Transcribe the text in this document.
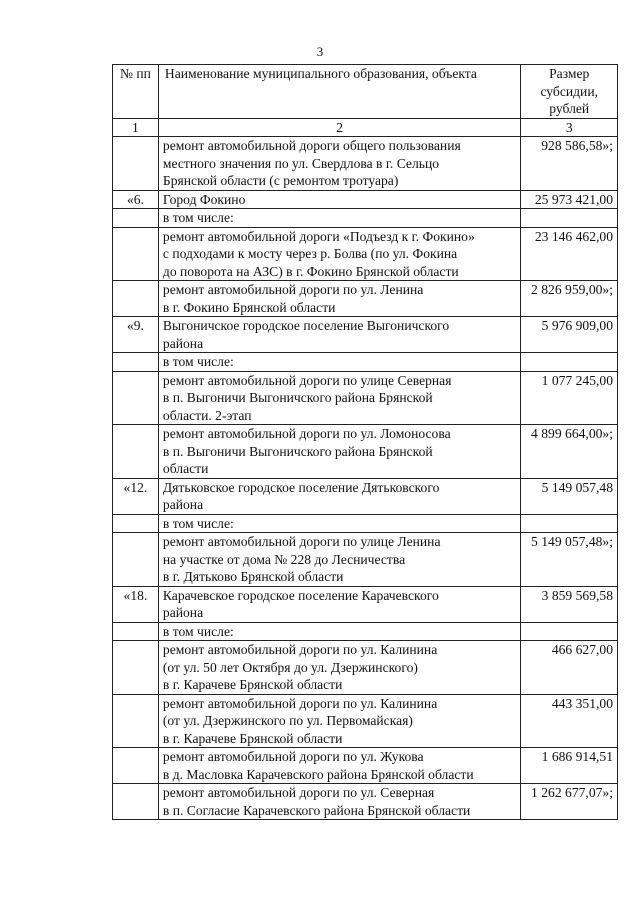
3
№ пп	Наименование муниципального образования, объекта	Размер
субсидии,
рублей

1	2	3

	ремонт автомобильной дороги общего пользования
местного значения по ул. Свердлова в г. Сельцо
Брянской области (с ремонтом тротуара)	928 586,58»;
«6.	Город Фокино	25 973 421,00

	в том числе:	

	ремонт автомобильной дороги «Подъезд к г. Фокино»
с подходами к мосту через р. Болва (по ул. Фокина
до поворота на АЗС) в г. Фокино Брянской области	23 146 462,00

	ремонт автомобильной дороги по ул. Ленина
в г. Фокино Брянской области	2 826 959,00»;
«9.	Выгоничское городское поселение Выгоничского
района	5 976 909,00

	в том числе:	

	ремонт автомобильной дороги по улице Северная
в п. Выгоничи Выгоничского района Брянской
области. 2-этап	1 077 245,00

	ремонт автомобильной дороги по ул. Ломоносова
в п. Выгоничи Выгоничского района Брянской
области	4 899 664,00»;
«12.	Дятьковское городское поселение Дятьковского
района	5 149 057,48

	в том числе:	

	ремонт автомобильной дороги по улице Ленина
на участке от дома № 228 до Лесничества
в г. Дятьково Брянской области	5 149 057,48»;
«18.	Карачевское городское поселение Карачевского
района	3 859 569,58

	в том числе:	

	ремонт автомобильной дороги по ул. Калинина
(от ул. 50 лет Октября до ул. Дзержинского)
в г. Карачеве Брянской области	466 627,00

	ремонт автомобильной дороги по ул. Калинина
(от ул. Дзержинского по ул. Первомайская)
в г. Карачеве Брянской области	443 351,00

	ремонт автомобильной дороги по ул. Жукова
в д. Масловка Карачевского района Брянской области	1 686 914,51

	ремонт автомобильной дороги по ул. Северная
в п. Согласие Карачевского района Брянской области	1 262 677,07»;
